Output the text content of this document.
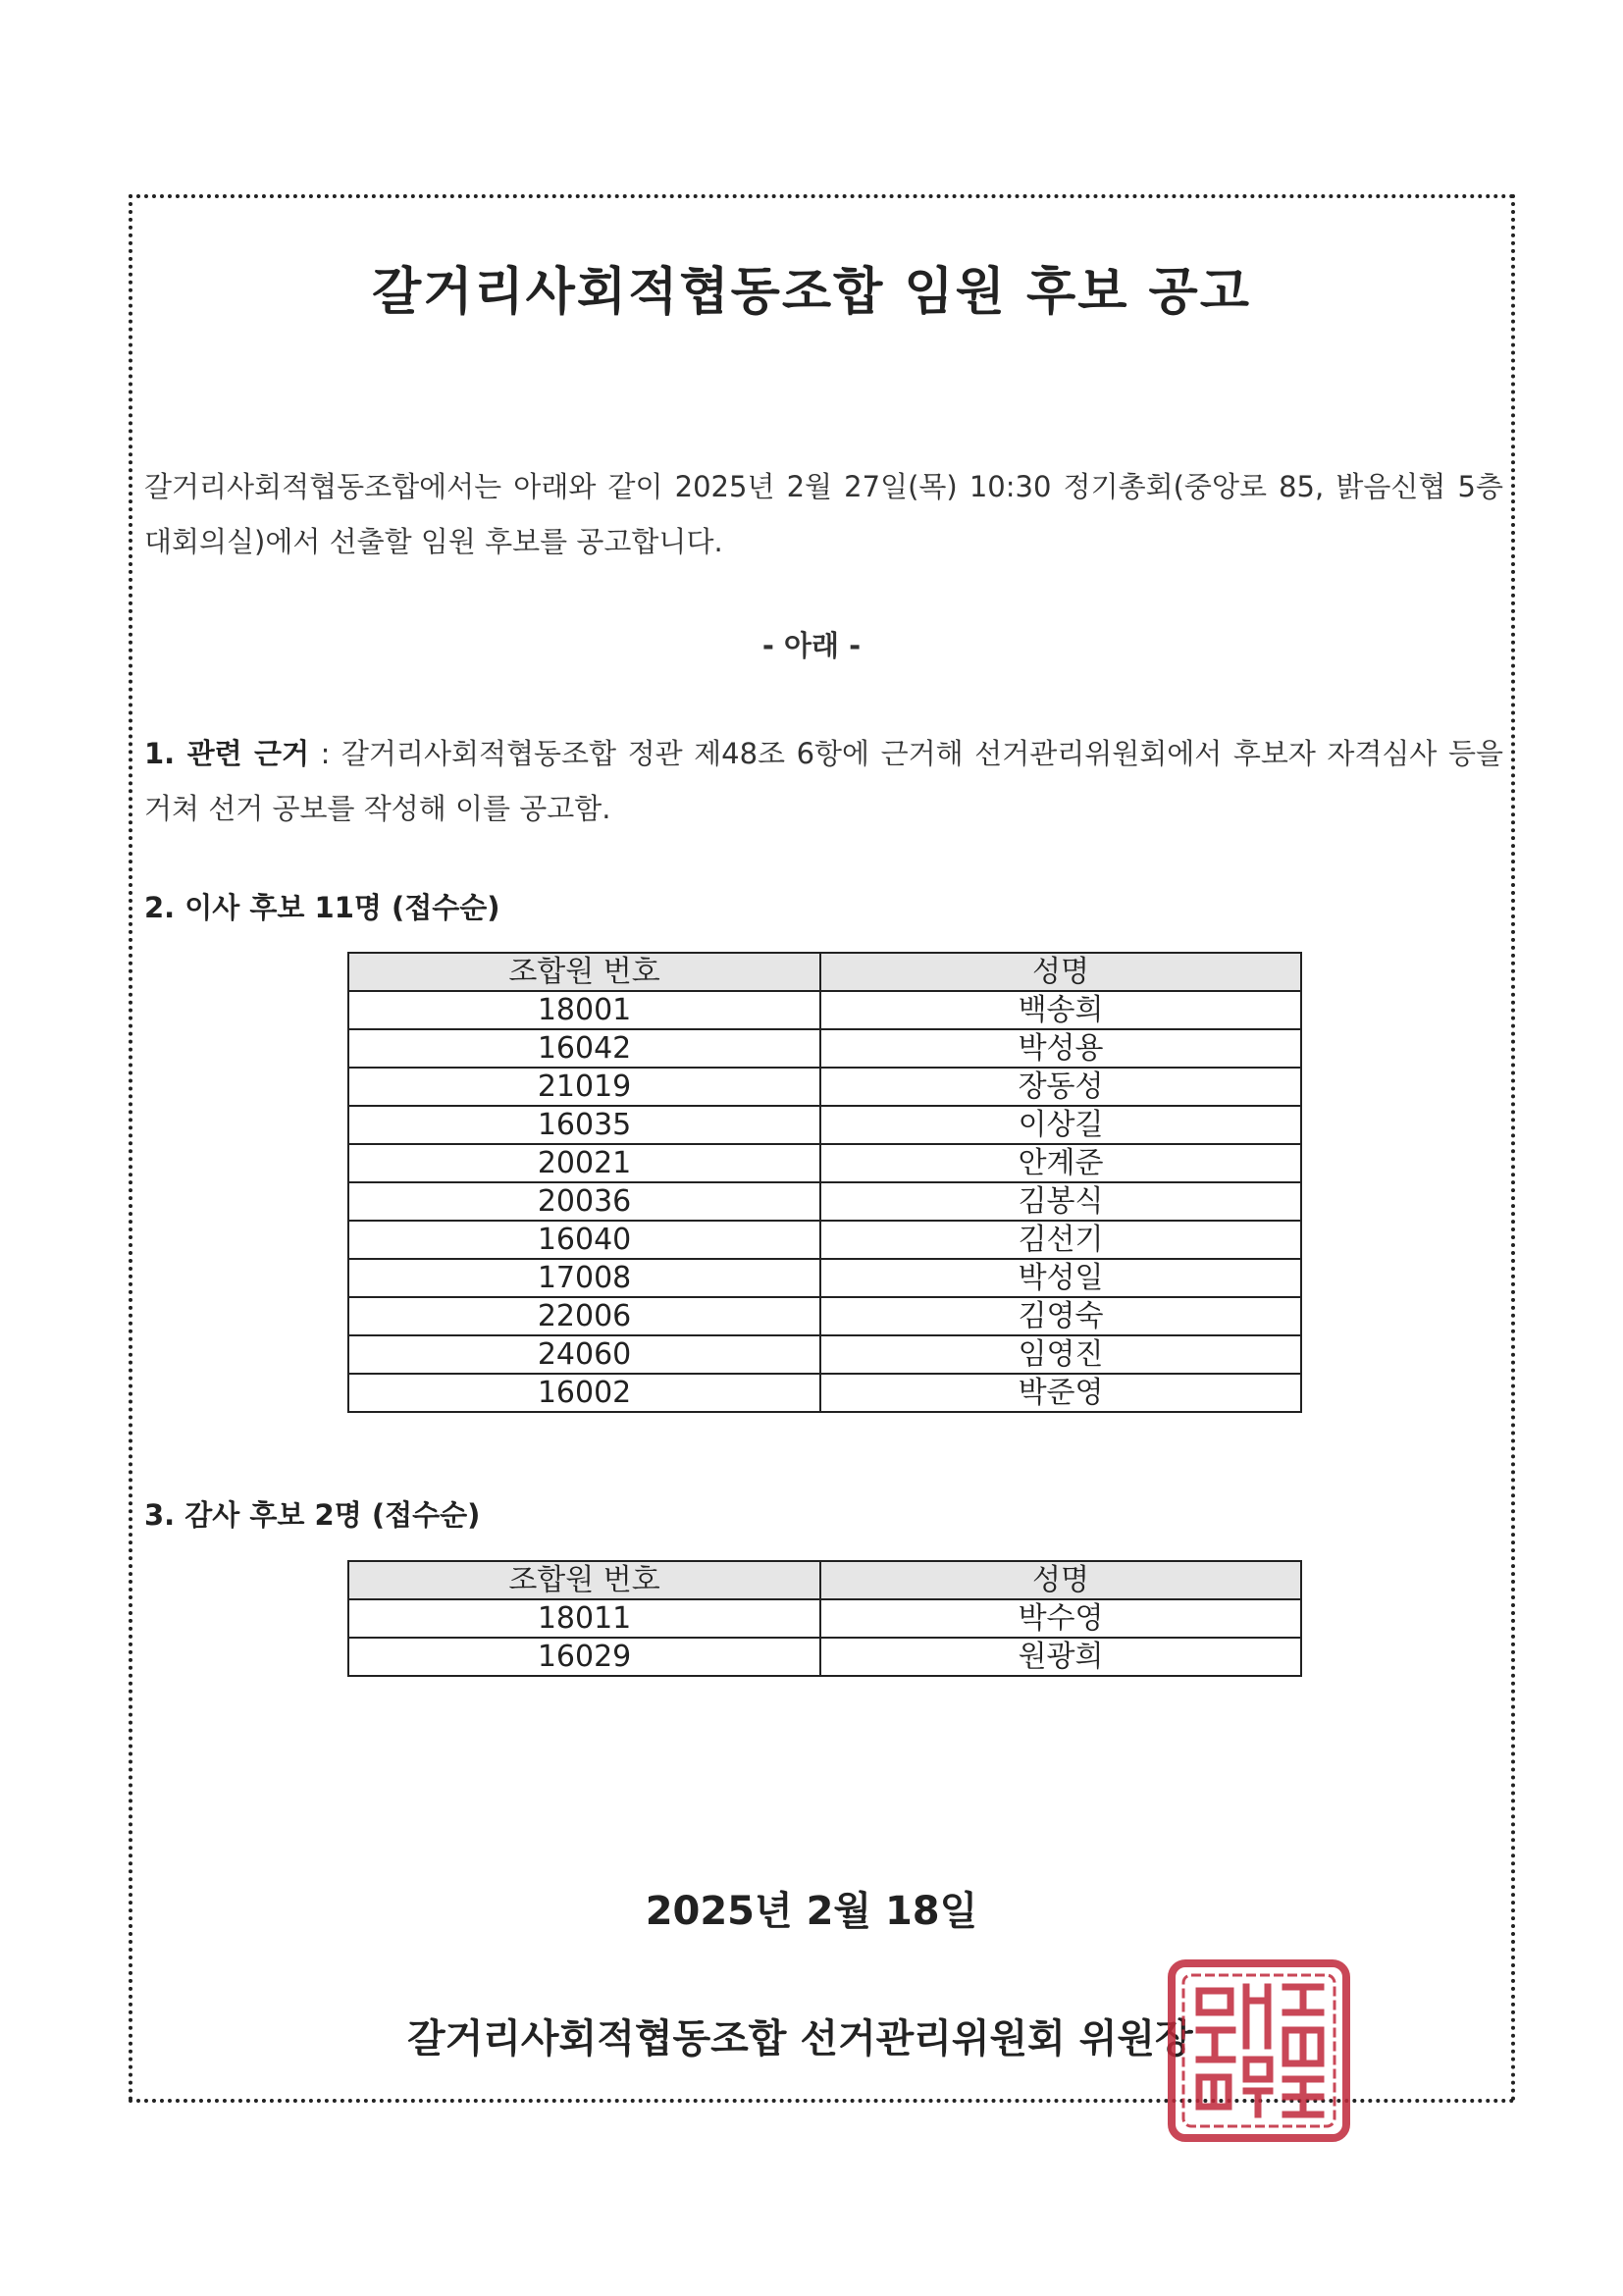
갈거리사회적협동조합 임원 후보 공고
갈거리사회적협동조합에서는 아래와 같이 2025년 2월 27일(목) 10:30 정기총회(중앙로 85, 밝음신협 5층 대회의실)에서 선출할 임원 후보를 공고합니다.
- 아래 -
1. 관련 근거 : 갈거리사회적협동조합 정관 제48조 6항에 근거해 선거관리위원회에서 후보자 자격심사 등을 거쳐 선거 공보를 작성해 이를 공고함.
2. 이사 후보 11명 (접수순)
조합원 번호	성명
18001	백송희
16042	박성용
21019	장동성
16035	이상길
20021	안계준
20036	김봉식
16040	김선기
17008	박성일
22006	김영숙
24060	임영진
16002	박준영
3. 감사 후보 2명 (접수순)
조합원 번호	성명
18011	박수영
16029	원광희
2025년 2월 18일
갈거리사회적협동조합 선거관리위원회 위원장
